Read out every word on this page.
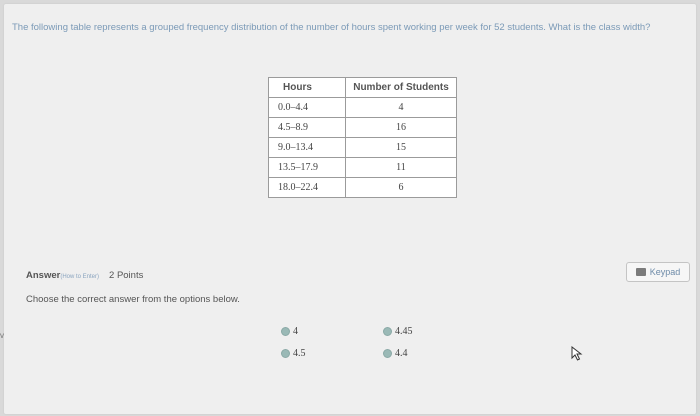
The following table represents a grouped frequency distribution of the number of hours spent working per week for 52 students. What is the class width?
Hours	Number of Students
0.0–4.4	4
4.5–8.9	16
9.0–13.4	15
13.5–17.9	11
18.0–22.4	6
Answer(How to Enter) 2 Points
Choose the correct answer from the options below.
Keypad
4
4.5
4.45
4.4
v
